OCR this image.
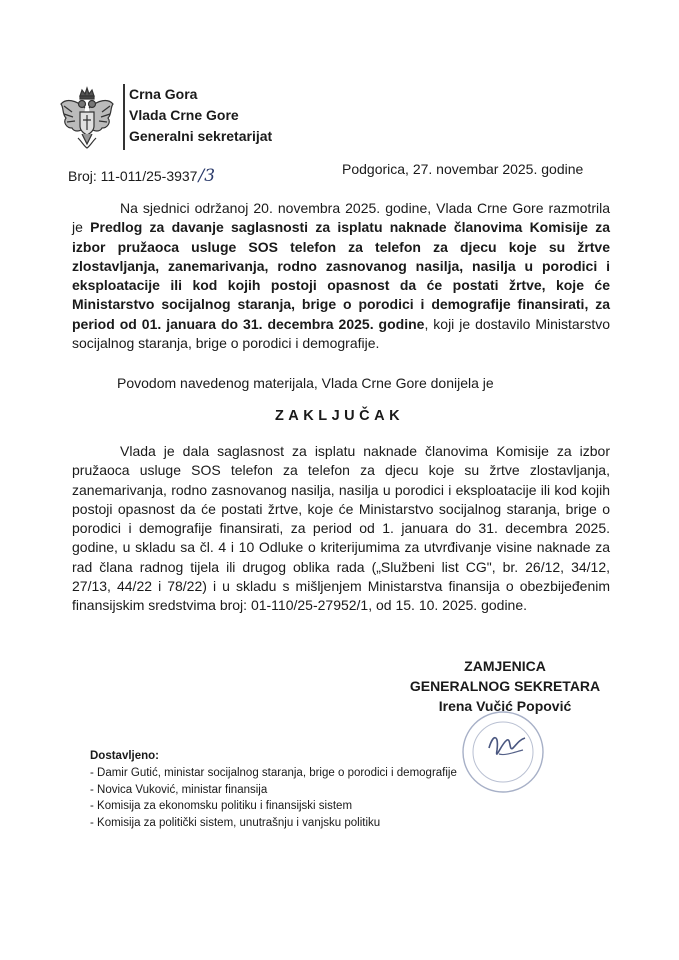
Crna Gora
Vlada Crne Gore
Generalni sekretarijat
Broj: 11-011/25-3937/3	Podgorica, 27. novembar 2025. godine
Na sjednici održanoj 20. novembra 2025. godine, Vlada Crne Gore razmotrila je Predlog za davanje saglasnosti za isplatu naknade članovima Komisije za izbor pružaoca usluge SOS telefon za telefon za djecu koje su žrtve zlostavljanja, zanemarivanja, rodno zasnovanog nasilja, nasilja u porodici i eksploatacije ili kod kojih postoji opasnost da će postati žrtve, koje će Ministarstvo socijalnog staranja, brige o porodici i demografije finansirati, za period od 01. januara do 31. decembra 2025. godine, koji je dostavilo Ministarstvo socijalnog staranja, brige o porodici i demografije.
Povodom navedenog materijala, Vlada Crne Gore donijela je
ZAKLJUČAK
Vlada je dala saglasnost za isplatu naknade članovima Komisije za izbor pružaoca usluge SOS telefon za telefon za djecu koje su žrtve zlostavljanja, zanemarivanja, rodno zasnovanog nasilja, nasilja u porodici i eksploatacije ili kod kojih postoji opasnost da će postati žrtve, koje će Ministarstvo socijalnog staranja, brige o porodici i demografije finansirati, za period od 1. januara do 31. decembra 2025. godine, u skladu sa čl. 4 i 10 Odluke o kriterijumima za utvrđivanje visine naknade za rad člana radnog tijela ili drugog oblika rada („Službeni list CG", br. 26/12, 34/12, 27/13, 44/22 i 78/22) i u skladu s mišljenjem Ministarstva finansija o obezbijeđenim finansijskim sredstvima broj: 01-110/25-27952/1, od 15. 10. 2025. godine.
ZAMJENICA
GENERALNOG SEKRETARA
Irena Vučić Popović
Dostavljeno:
- Damir Gutić, ministar socijalnog staranja, brige o porodici i demografije
- Novica Vuković, ministar finansija
- Komisija za ekonomsku politiku i finansijski sistem
- Komisija za politički sistem, unutrašnju i vanjsku politiku
